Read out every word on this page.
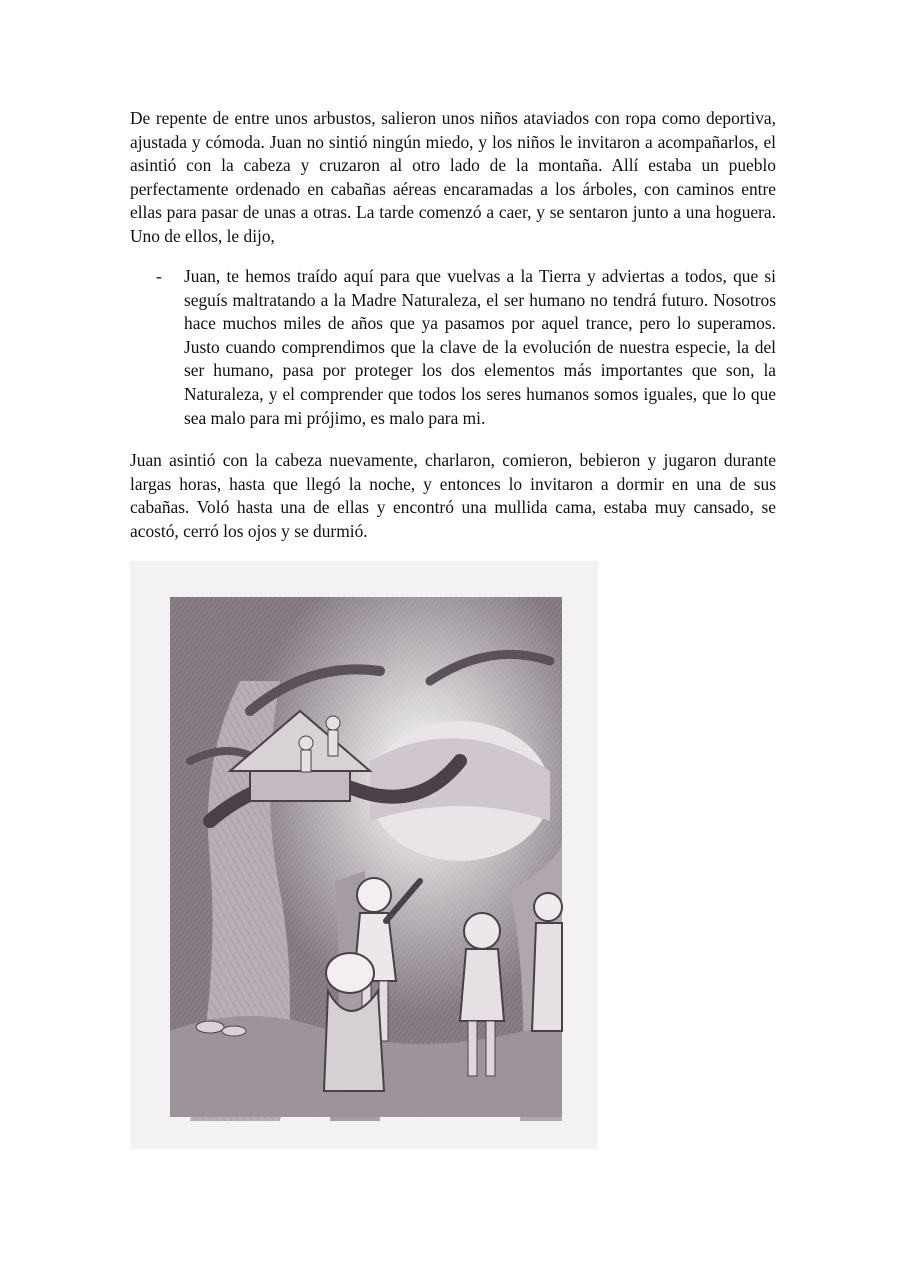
De repente de entre unos arbustos, salieron unos niños ataviados con ropa como deportiva, ajustada y cómoda. Juan no sintió ningún miedo, y los niños le invitaron a acompañarlos, el asintió con la cabeza y cruzaron al otro lado de la montaña. Allí estaba un pueblo perfectamente ordenado en cabañas aéreas encaramadas a los árboles, con caminos entre ellas para pasar de unas a otras. La tarde comenzó a caer, y se sentaron junto a una hoguera. Uno de ellos, le dijo,

- Juan, te hemos traído aquí para que vuelvas a la Tierra y adviertas a todos, que si seguís maltratando a la Madre Naturaleza, el ser humano no tendrá futuro. Nosotros hace muchos miles de años que ya pasamos por aquel trance, pero lo superamos. Justo cuando comprendimos que la clave de la evolución de nuestra especie, la del ser humano, pasa por proteger los dos elementos más importantes que son, la Naturaleza, y el comprender que todos los seres humanos somos iguales, que lo que sea malo para mi prójimo, es malo para mi.

Juan asintió con la cabeza nuevamente, charlaron, comieron, bebieron y jugaron durante largas horas, hasta que llegó la noche, y entonces lo invitaron a dormir en una de sus cabañas. Voló hasta una de ellas y encontró una mullida cama, estaba muy cansado, se acostó, cerró los ojos y se durmió.
